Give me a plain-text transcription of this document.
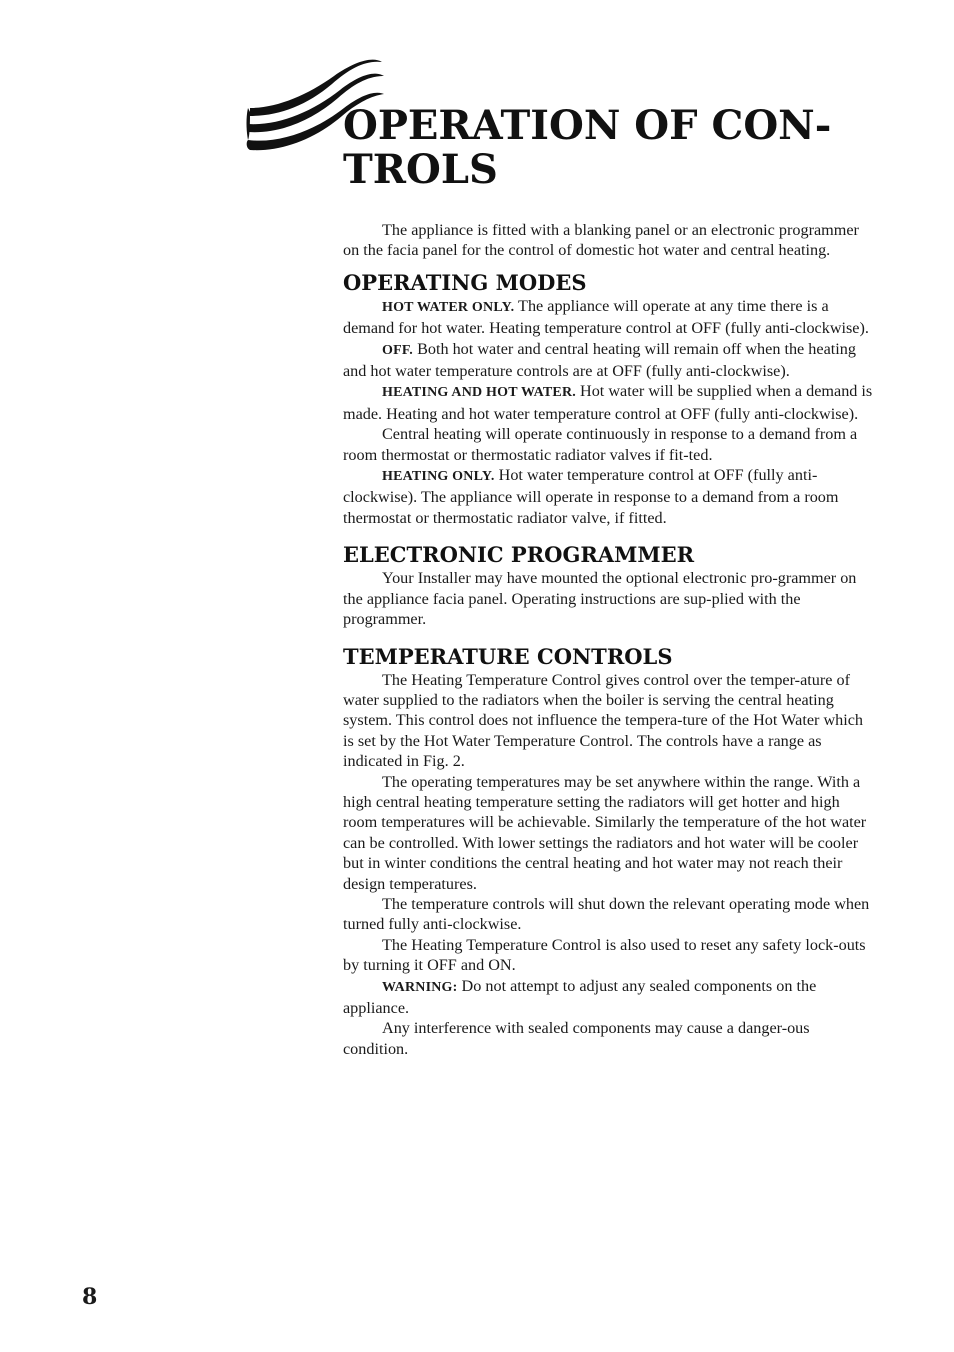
OPERATION OF CON-
TROLS

The appliance is fitted with a blanking panel or an electronic programmer on the facia panel for the control of domestic hot water and central heating.

OPERATING MODES

HOT WATER ONLY. The appliance will operate at any time there is a demand for hot water. Heating temperature control at OFF (fully anti-clockwise).

OFF. Both hot water and central heating will remain off when the heating and hot water temperature controls are at OFF (fully anti-clockwise).

HEATING AND HOT WATER. Hot water will be supplied when a demand is made. Heating and hot water temperature control at OFF (fully anti-clockwise).

Central heating will operate continuously in response to a demand from a room thermostat or thermostatic radiator valves if fit-ted.

HEATING ONLY. Hot water temperature control at OFF (fully anti-clockwise). The appliance will operate in response to a demand from a room thermostat or thermostatic radiator valve, if fitted.

ELECTRONIC PROGRAMMER

Your Installer may have mounted the optional electronic pro-grammer on the appliance facia panel. Operating instructions are sup-plied with the programmer.

TEMPERATURE CONTROLS

The Heating Temperature Control gives control over the temper-ature of water supplied to the radiators when the boiler is serving the central heating system. This control does not influence the tempera-ture of the Hot Water which is set by the Hot Water Temperature Control. The controls have a range as indicated in Fig. 2.

The operating temperatures may be set anywhere within the range. With a high central heating temperature setting the radiators will get hotter and high room temperatures will be achievable. Similarly the temperature of the hot water can be controlled. With lower settings the radiators and hot water will be cooler but in winter conditions the central heating and hot water may not reach their design temperatures.

The temperature controls will shut down the relevant operating mode when turned fully anti-clockwise.

The Heating Temperature Control is also used to reset any safety lock-outs by turning it OFF and ON.

WARNING: Do not attempt to adjust any sealed components on the appliance.

Any interference with sealed components may cause a danger-ous condition.

8
